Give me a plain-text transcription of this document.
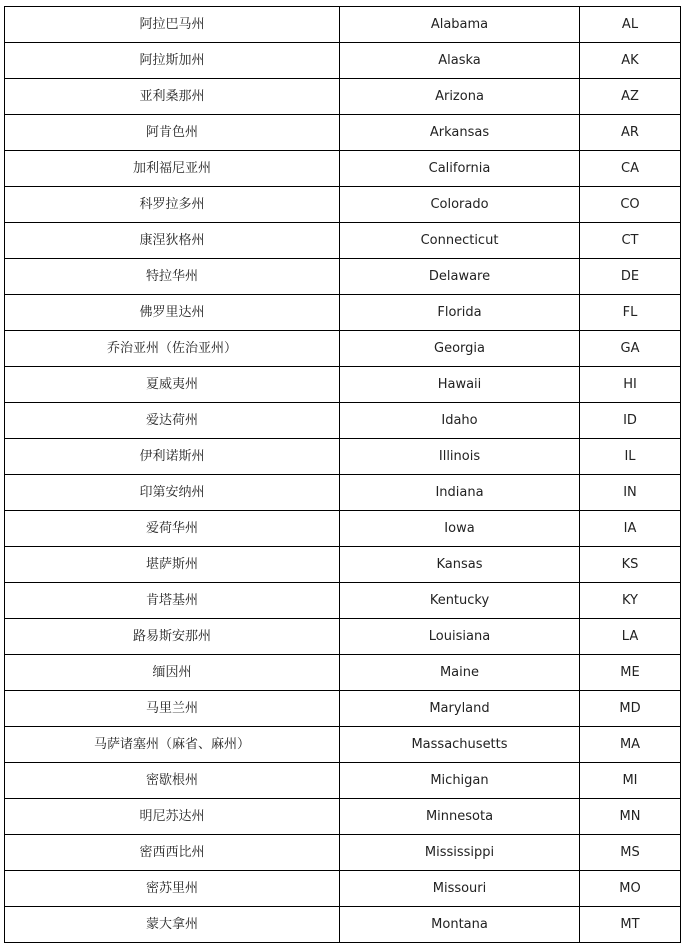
阿拉巴马州	Alabama	AL
阿拉斯加州	Alaska	AK
亚利桑那州	Arizona	AZ
阿肯色州	Arkansas	AR
加利福尼亚州	California	CA
科罗拉多州	Colorado	CO
康涅狄格州	Connecticut	CT
特拉华州	Delaware	DE
佛罗里达州	Florida	FL
乔治亚州（佐治亚州）	Georgia	GA
夏威夷州	Hawaii	HI
爱达荷州	Idaho	ID
伊利诺斯州	Illinois	IL
印第安纳州	Indiana	IN
爱荷华州	Iowa	IA
堪萨斯州	Kansas	KS
肯塔基州	Kentucky	KY
路易斯安那州	Louisiana	LA
缅因州	Maine	ME
马里兰州	Maryland	MD
马萨诸塞州（麻省、麻州）	Massachusetts	MA
密歇根州	Michigan	MI
明尼苏达州	Minnesota	MN
密西西比州	Mississippi	MS
密苏里州	Missouri	MO
蒙大拿州	Montana	MT
